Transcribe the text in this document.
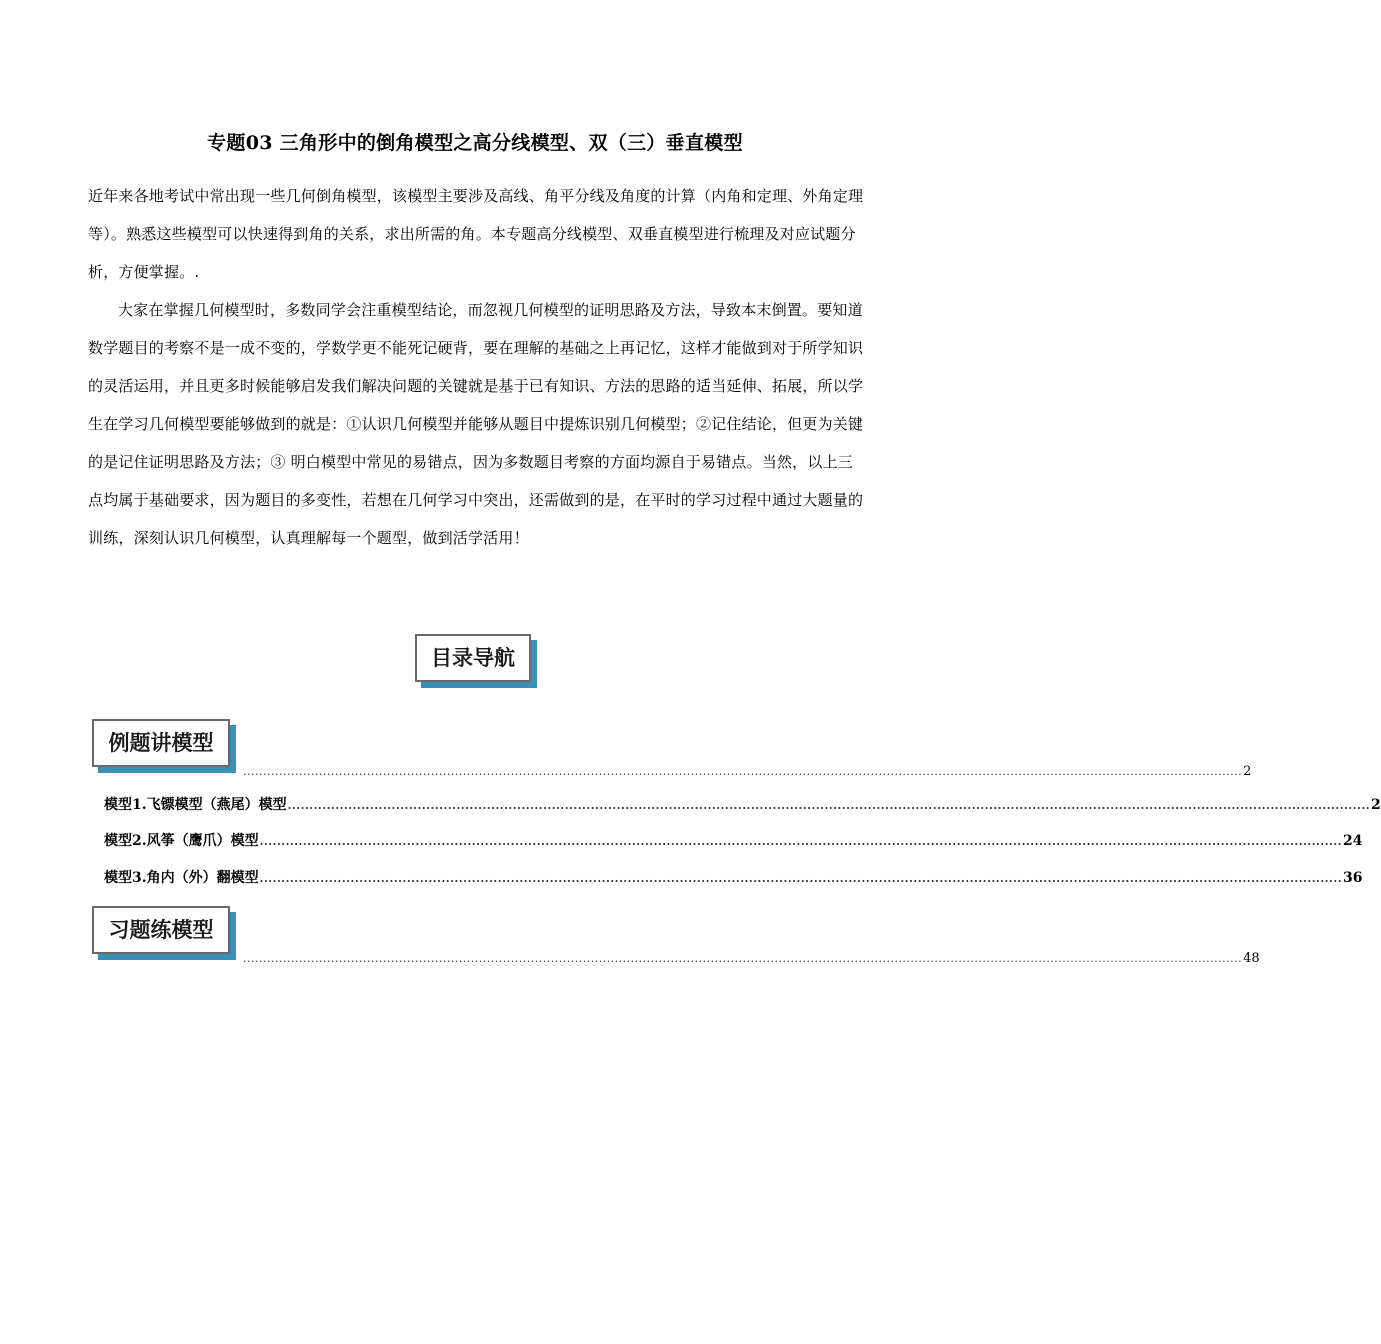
专题03 三角形中的倒角模型之高分线模型、双（三）垂直模型

近年来各地考试中常出现一些几何倒角模型，该模型主要涉及高线、角平分线及角度的计算（内角和定理、外角定理等）。熟悉这些模型可以快速得到角的关系，求出所需的角。本专题高分线模型、双垂直模型进行梳理及对应试题分析，方便掌握。.

大家在掌握几何模型时，多数同学会注重模型结论，而忽视几何模型的证明思路及方法，导致本末倒置。要知道数学题目的考察不是一成不变的，学数学更不能死记硬背，要在理解的基础之上再记忆，这样才能做到对于所学知识的灵活运用，并且更多时候能够启发我们解决问题的关键就是基于已有知识、方法的思路的适当延伸、拓展，所以学生在学习几何模型要能够做到的就是：①认识几何模型并能够从题目中提炼识别几何模型；②记住结论，但更为关键的是记住证明思路及方法；③ 明白模型中常见的易错点，因为多数题目考察的方面均源自于易错点。当然，以上三点均属于基础要求，因为题目的多变性，若想在几何学习中突出，还需做到的是，在平时的学习过程中通过大题量的训练，深刻认识几何模型，认真理解每一个题型，做到活学活用！

目录导航
例题讲模型
.......................................................................................................................................................................................................................................................... 2
模型1.飞镖模型（燕尾）模型 .......................................................................................................................................................................................................................................................... 2
模型2.风筝（鹰爪）模型 .......................................................................................................................................................................................................................................................... 24
模型3.角内（外）翻模型 .......................................................................................................................................................................................................................................................... 36
习题练模型
.......................................................................................................................................................................................................................................................... 48
